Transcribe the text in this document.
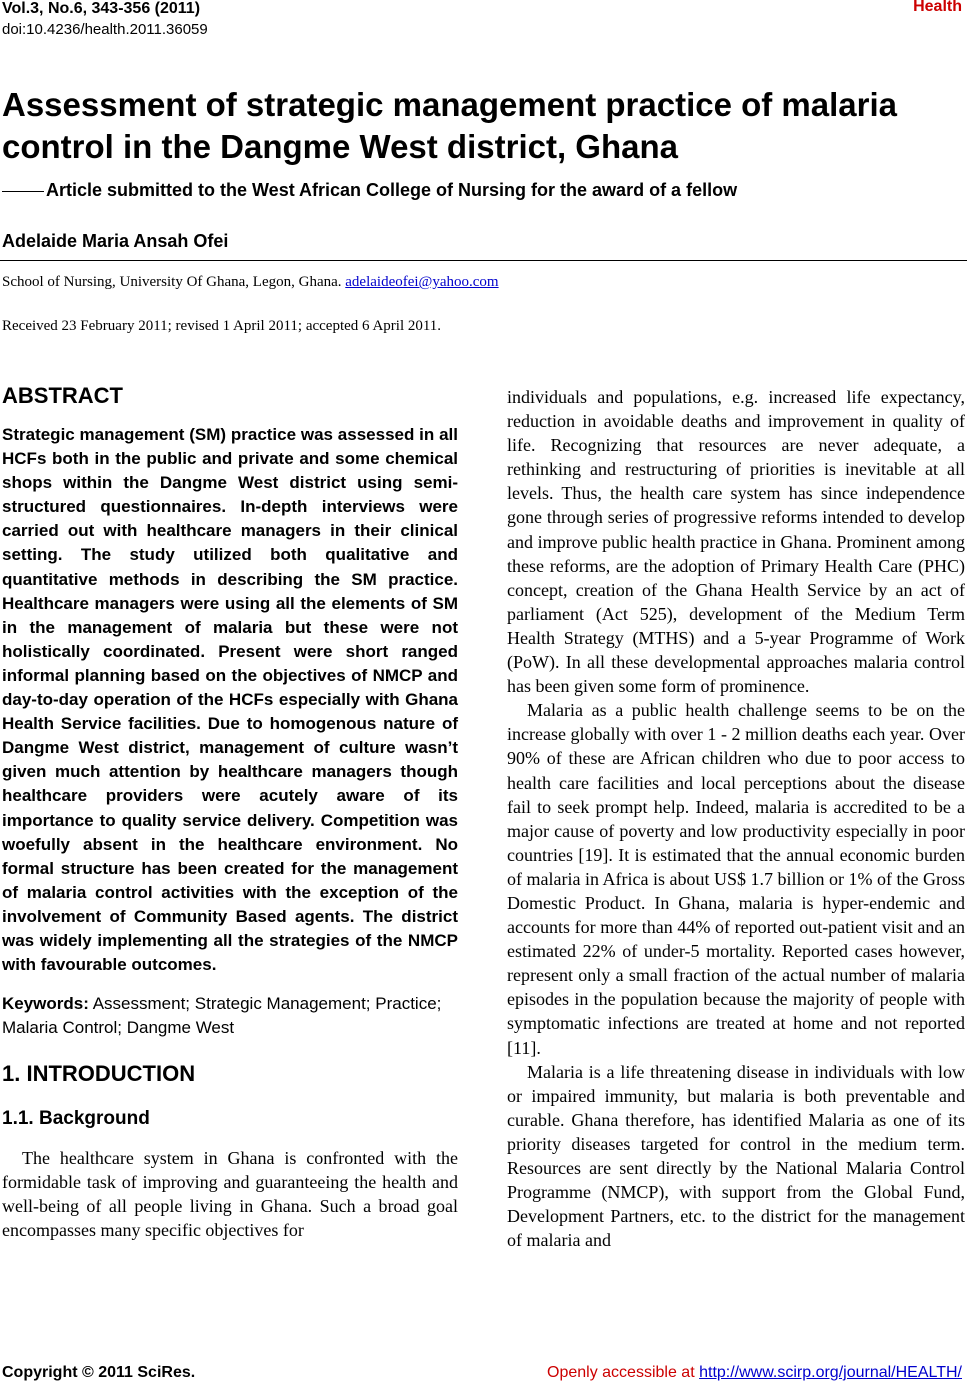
Vol.3, No.6, 343-356 (2011)
doi:10.4236/health.2011.36059
Health
Assessment of strategic management practice of malaria control in the Dangme West district, Ghana
Article submitted to the West African College of Nursing for the award of a fellow
Adelaide Maria Ansah Ofei
School of Nursing, University Of Ghana, Legon, Ghana. adelaideofei@yahoo.com
Received 23 February 2011; revised 1 April 2011; accepted 6 April 2011.
ABSTRACT

Strategic management (SM) practice was assessed in all HCFs both in the public and private and some chemical shops within the Dangme West district using semi-structured questionnaires. In-depth interviews were carried out with healthcare managers in their clinical setting. The study utilized both qualitative and quantitative methods in describing the SM practice. Healthcare managers were using all the elements of SM in the management of malaria but these were not holistically coordinated. Present were short ranged informal planning based on the objectives of NMCP and day-to-day operation of the HCFs especially with Ghana Health Service facilities. Due to homogenous nature of Dangme West district, management of culture wasn’t given much attention by healthcare managers though healthcare providers were acutely aware of its importance to quality service delivery. Competition was woefully absent in the healthcare environment. No formal structure has been created for the management of malaria control activities with the exception of the involvement of Community Based agents. The district was widely implementing all the strategies of the NMCP with favourable outcomes.

Keywords: Assessment; Strategic Management; Practice; Malaria Control; Dangme West
1. INTRODUCTION
1.1. Background

The healthcare system in Ghana is confronted with the formidable task of improving and guaranteeing the health and well-being of all people living in Ghana. Such a broad goal encompasses many specific objectives for

individuals and populations, e.g. increased life expectancy, reduction in avoidable deaths and improvement in quality of life. Recognizing that resources are never adequate, a rethinking and restructuring of priorities is inevitable at all levels. Thus, the health care system has since independence gone through series of progressive reforms intended to develop and improve public health practice in Ghana. Prominent among these reforms, are the adoption of Primary Health Care (PHC) concept, creation of the Ghana Health Service by an act of parliament (Act 525), development of the Medium Term Health Strategy (MTHS) and a 5-year Programme of Work (PoW). In all these developmental approaches malaria control has been given some form of prominence.

Malaria as a public health challenge seems to be on the increase globally with over 1 - 2 million deaths each year. Over 90% of these are African children who due to poor access to health care facilities and local perceptions about the disease fail to seek prompt help. Indeed, malaria is accredited to be a major cause of poverty and low productivity especially in poor countries [19]. It is estimated that the annual economic burden of malaria in Africa is about US$ 1.7 billion or 1% of the Gross Domestic Product. In Ghana, malaria is hyper-endemic and accounts for more than 44% of reported out-patient visit and an estimated 22% of under-5 mortality. Reported cases however, represent only a small fraction of the actual number of malaria episodes in the population because the majority of people with symptomatic infections are treated at home and not reported [11].

Malaria is a life threatening disease in individuals with low or impaired immunity, but malaria is both preventable and curable. Ghana therefore, has identified Malaria as one of its priority diseases targeted for control in the medium term. Resources are sent directly by the National Malaria Control Programme (NMCP), with support from the Global Fund, Development Partners, etc. to the district for the management of malaria and

Copyright © 2011 SciRes.	Openly accessible at http://www.scirp.org/journal/HEALTH/
